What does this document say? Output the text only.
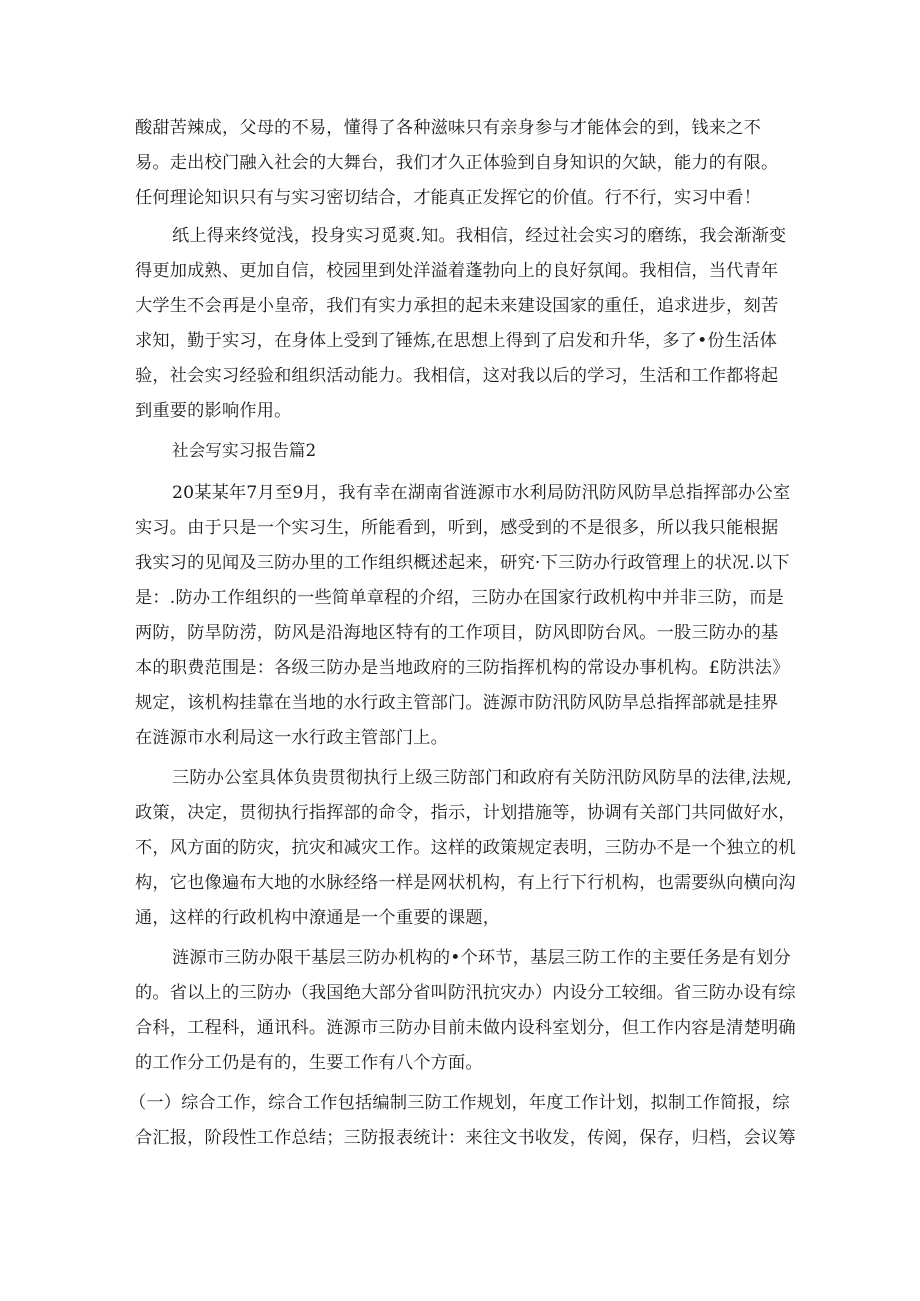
酸甜苦辣成，父母的不易，懂得了各种滋味只有亲身参与才能体会的到，钱来之不
易。走出校门融入社会的大舞台，我们才久正体验到自身知识的欠缺，能力的有限。
任何理论知识只有与实习密切结合，才能真正发挥它的价值。行不行，实习中看！
纸上得来终觉浅，投身实习觅爽.知。我相信，经过社会实习的磨练，我会渐渐变
得更加成熟、更加自信，校园里到处洋溢着蓬勃向上的良好氛闻。我相信，当代青年
大学生不会再是小皇帝，我们有实力承担的起未来建设国家的重任，追求进步，刻苦
求知，勤于实习，在身体上受到了锤炼,在思想上得到了启发和升华，多了•份生活体
验，社会实习经验和组织活动能力。我相信，这对我以后的学习，生活和工作都将起
到重要的影响作用。
社会写实习报告篇2
20某某年7月至9月，我有幸在湖南省涟源市水利局防汛防风防旱总指挥部办公室
实习。由于只是一个实习生，所能看到，听到，感受到的不是很多，所以我只能根据
我实习的见闻及三防办里的工作组织概述起来，研究·下三防办行政管理上的状况.以下
是：.防办工作组织的一些简单章程的介绍，三防办在国家行政机构中并非三防，而是
两防，防旱防涝，防风是沿海地区特有的工作项目，防风即防台风。一股三防办的基
本的职费范围是：各级三防办是当地政府的三防指挥机构的常设办事机构。£防洪法》
规定，该机构挂靠在当地的水行政主管部门。涟源市防汛防风防旱总指挥部就是挂界
在涟源市水利局这一水行政主管部门上。
三防办公室具体负贵贯彻执行上级三防部门和政府有关防汛防风防旱的法律,法规,
政策，决定，贯彻执行指挥部的命令，指示，计划措施等，协调有关部门共同做好水，
不，风方面的防灾，抗灾和减灾工作。这样的政策规定表明，三防办不是一个独立的机
构，它也像遍布大地的水脉经络一样是网状机构，有上行下行机构，也需要纵向横向沟
通，这样的行政机构中潦通是一个重要的课题，
涟源市三防办限干基层三防办机构的•个环节，基层三防工作的主要任务是有划分
的。省以上的三防办（我国绝大部分省叫防汛抗灾办）内设分工较细。省三防办设有综
合科，工程科，通讯科。涟源市三防办目前未做内设科室划分，但工作内容是清楚明确
的工作分工仍是有的，生要工作有八个方面。
（一）综合工作，综合工作包括编制三防工作规划，年度工作计划，拟制工作简报，综
合汇报，阶段性工作总结；三防报表统计：来往文书收发，传阅，保存，归档，会议筹
